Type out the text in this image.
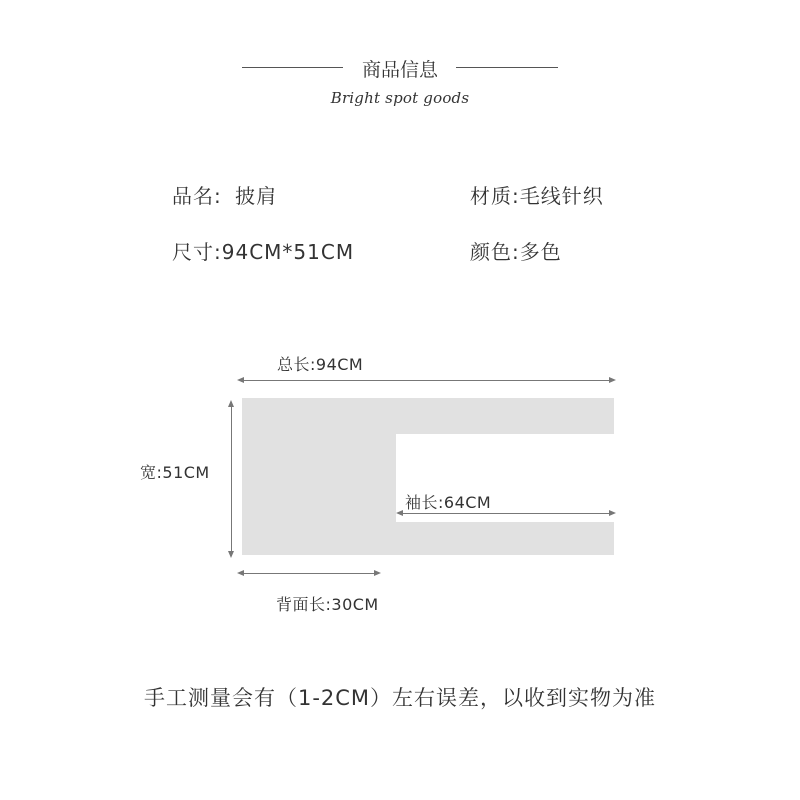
商品信息
Bright spot goods
品名: 披肩	材质:毛线针织
尺寸:94CM*51CM	颜色:多色
总长:94CM
宽:51CM
袖长:64CM
背面长:30CM
手工测量会有（1-2CM）左右误差，以收到实物为准
